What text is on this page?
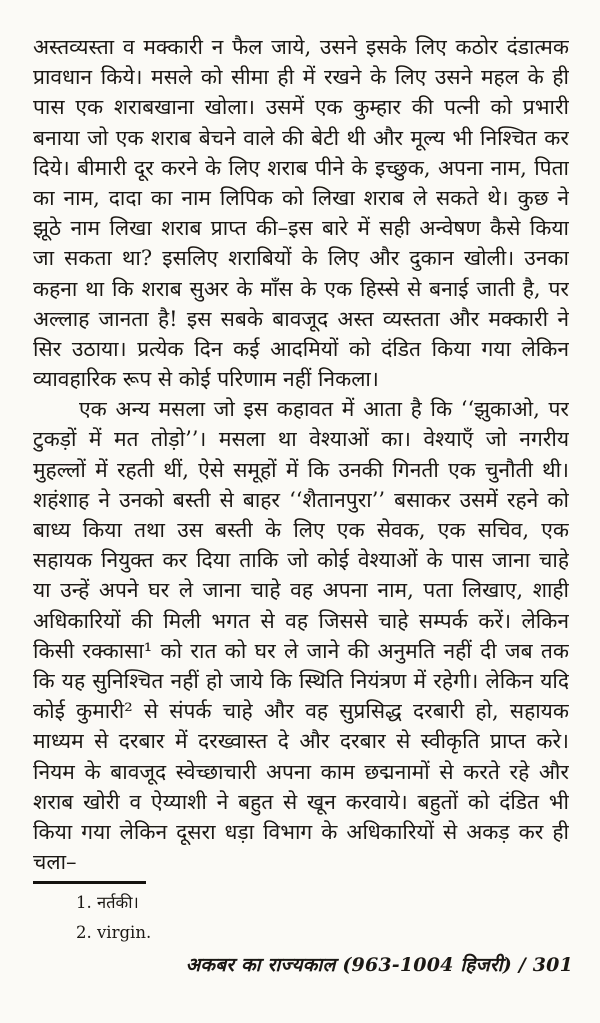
अस्तव्यस्ता व मक्कारी न फैल जाये, उसने इसके लिए कठोर दंडात्मक
प्रावधान किये। मसले को सीमा ही में रखने के लिए उसने महल के ही
पास एक शराबखाना खोला। उसमें एक कुम्हार की पत्नी को प्रभारी
बनाया जो एक शराब बेचने वाले की बेटी थी और मूल्य भी निश्चित कर
दिये। बीमारी दूर करने के लिए शराब पीने के इच्छुक, अपना नाम, पिता
का नाम, दादा का नाम लिपिक को लिखा शराब ले सकते थे। कुछ ने
झूठे नाम लिखा शराब प्राप्त की–इस बारे में सही अन्वेषण कैसे किया
जा सकता था? इसलिए शराबियों के लिए और दुकान खोली। उनका
कहना था कि शराब सुअर के माँस के एक हिस्से से बनाई जाती है, पर
अल्लाह जानता है! इस सबके बावजूद अस्त व्यस्तता और मक्कारी ने
सिर उठाया। प्रत्येक दिन कई आदमियों को दंडित किया गया लेकिन
व्यावहारिक रूप से कोई परिणाम नहीं निकला।
एक अन्य मसला जो इस कहावत में आता है कि ‘‘झुकाओ, पर
टुकड़ों में मत तोड़ो’’। मसला था वेश्याओं का। वेश्याएँ जो नगरीय
मुहल्लों में रहती थीं, ऐसे समूहों में कि उनकी गिनती एक चुनौती थी।
शहंशाह ने उनको बस्ती से बाहर ‘‘शैतानपुरा’’ बसाकर उसमें रहने को
बाध्य किया तथा उस बस्ती के लिए एक सेवक, एक सचिव, एक
सहायक नियुक्त कर दिया ताकि जो कोई वेश्याओं के पास जाना चाहे
या उन्हें अपने घर ले जाना चाहे वह अपना नाम, पता लिखाए, शाही
अधिकारियों की मिली भगत से वह जिससे चाहे सम्पर्क करें। लेकिन
किसी रक्कासा¹ को रात को घर ले जाने की अनुमति नहीं दी जब तक
कि यह सुनिश्चित नहीं हो जाये कि स्थिति नियंत्रण में रहेगी। लेकिन यदि
कोई कुमारी² से संपर्क चाहे और वह सुप्रसिद्ध दरबारी हो, सहायक
माध्यम से दरबार में दरख्वास्त दे और दरबार से स्वीकृति प्राप्त करे।
नियम के बावजूद स्वेच्छाचारी अपना काम छद्मनामों से करते रहे और
शराब खोरी व ऐय्याशी ने बहुत से खून करवाये। बहुतों को दंडित भी
किया गया लेकिन दूसरा धड़ा विभाग के अधिकारियों से अकड़ कर ही
चला–
1. नर्तकी।
2. virgin.
अकबर का राज्यकाल (963-1004 हिजरी) / 301
